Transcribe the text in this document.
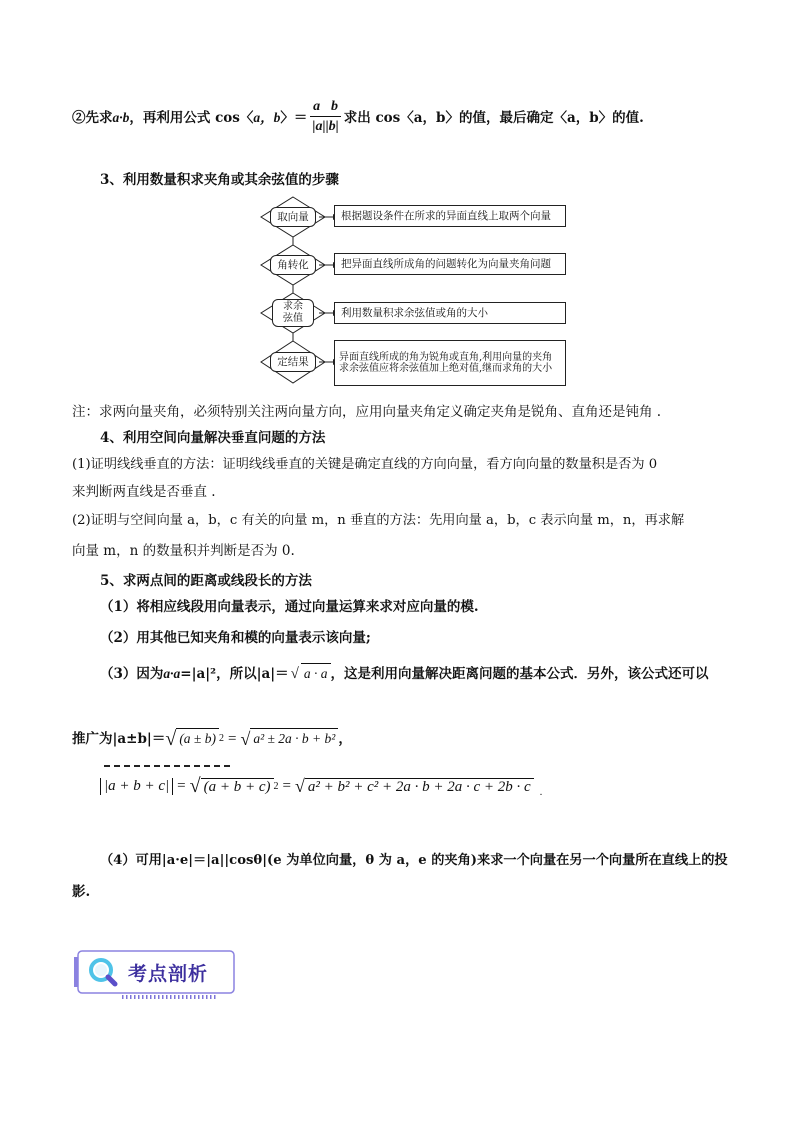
②先求 a·b ，再利用公式 cos〈 a，b 〉＝ $\frac{a⃞b}{|a||b|}$ 求出 cos〈a，b〉的值，最后确定〈a，b〉的值.
3、利用数量积求夹角或其余弦值的步骤
取向量	根据题设条件在所求的异面直线上取两个向量
角转化	把异面直线所成角的问题转化为向量夹角问题
求余
弦值	利用数量积求余弦值或角的大小
定结果	异面直线所成的角为锐角或直角,利用向量的夹角求余弦值应将余弦值加上绝对值,继而求角的大小
注：求两向量夹角，必须特别关注两向量方向，应用向量夹角定义确定夹角是锐角、直角还是钝角 .
4、利用空间向量解决垂直问题的方法
(1)证明线线垂直的方法：证明线线垂直的关键是确定直线的方向向量，看方向向量的数量积是否为 0
来判断两直线是否垂直 .
(2)证明与空间向量 a，b，c 有关的向量 m，n 垂直的方法：先用向量 a，b，c 表示向量 m，n，再求解
向量 m，n 的数量积并判断是否为 0.
5、求两点间的距离或线段长的方法
（1）将相应线段用向量表示，通过向量运算来求对应向量的模.
（2）用其他已知夹角和模的向量表示该向量;
（3）因为 a·a =|a|²，所以|a|＝ √ a · a ，这是利用向量解决距离问题的基本公式．另外，该公式还可以
推广为|a±b|＝ √ (a ± b) 2 = √ a² ± 2a · b + b² ，
|a + b + c| = √ (a + b + c) 2 = √ a² + b² + c² + 2a · b + 2a · c + 2b · c .
（4）可用|a·e|＝|a||cosθ|(e 为单位向量，θ 为 a，e 的夹角)来求一个向量在另一个向量所在直线上的投
影.
考点剖析
